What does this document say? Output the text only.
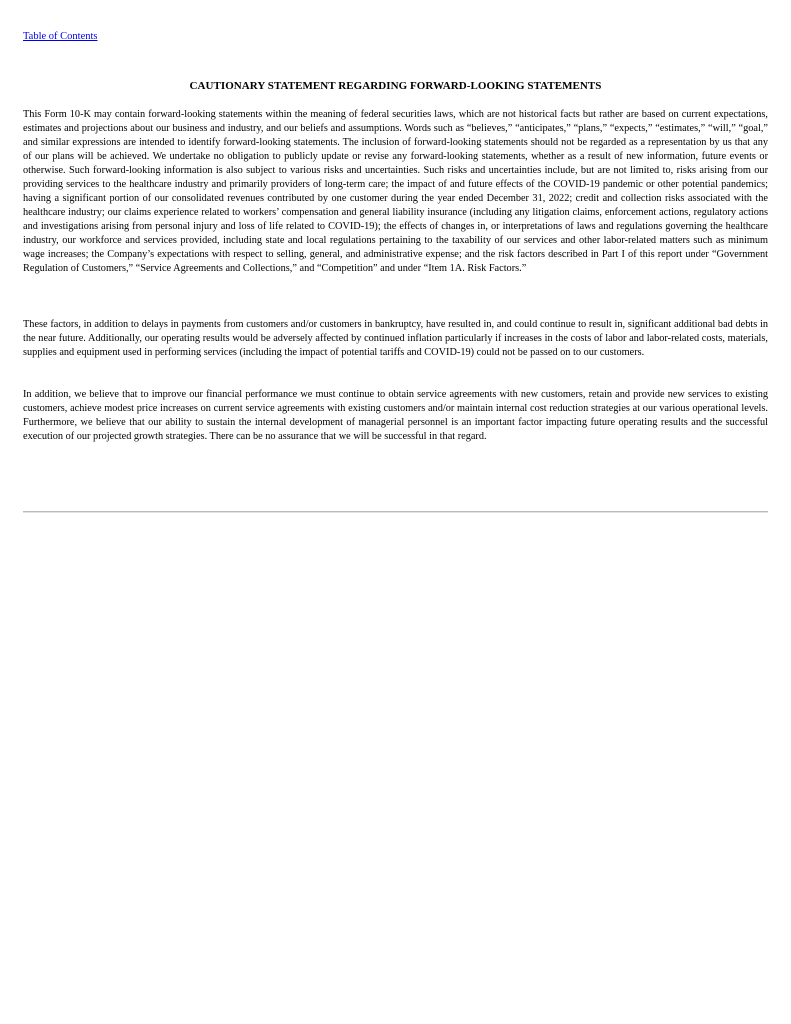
Table of Contents
CAUTIONARY STATEMENT REGARDING FORWARD-LOOKING STATEMENTS

This Form 10-K may contain forward-looking statements within the meaning of federal securities laws, which are not historical facts but rather are based on current expectations, estimates and projections about our business and industry, and our beliefs and assumptions. Words such as “believes,” “anticipates,” “plans,” “expects,” “estimates,” “will,” “goal,” and similar expressions are intended to identify forward-looking statements. The inclusion of forward-looking statements should not be regarded as a representation by us that any of our plans will be achieved. We undertake no obligation to publicly update or revise any forward-looking statements, whether as a result of new information, future events or otherwise. Such forward-looking information is also subject to various risks and uncertainties. Such risks and uncertainties include, but are not limited to, risks arising from our providing services to the healthcare industry and primarily providers of long-term care; the impact of and future effects of the COVID-19 pandemic or other potential pandemics; having a significant portion of our consolidated revenues contributed by one customer during the year ended December 31, 2022; credit and collection risks associated with the healthcare industry; our claims experience related to workers’ compensation and general liability insurance (including any litigation claims, enforcement actions, regulatory actions and investigations arising from personal injury and loss of life related to COVID-19); the effects of changes in, or interpretations of laws and regulations governing the healthcare industry, our workforce and services provided, including state and local regulations pertaining to the taxability of our services and other labor-related matters such as minimum wage increases; the Company’s expectations with respect to selling, general, and administrative expense; and the risk factors described in Part I of this report under “Government Regulation of Customers,” “Service Agreements and Collections,” and “Competition” and under “Item 1A. Risk Factors.”

These factors, in addition to delays in payments from customers and/or customers in bankruptcy, have resulted in, and could continue to result in, significant additional bad debts in the near future. Additionally, our operating results would be adversely affected by continued inflation particularly if increases in the costs of labor and labor-related costs, materials, supplies and equipment used in performing services (including the impact of potential tariffs and COVID-19) could not be passed on to our customers.

In addition, we believe that to improve our financial performance we must continue to obtain service agreements with new customers, retain and provide new services to existing customers, achieve modest price increases on current service agreements with existing customers and/or maintain internal cost reduction strategies at our various operational levels. Furthermore, we believe that our ability to sustain the internal development of managerial personnel is an important factor impacting future operating results and the successful execution of our projected growth strategies. There can be no assurance that we will be successful in that regard.
